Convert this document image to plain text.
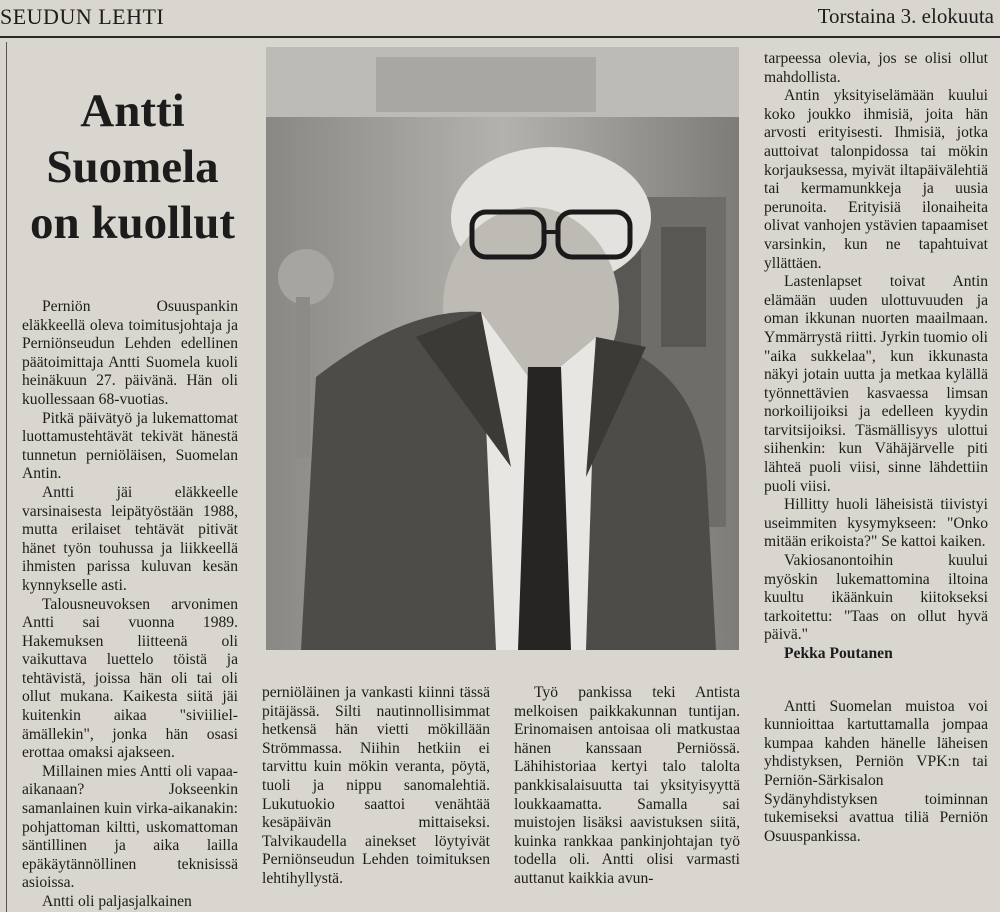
SEUDUN LEHTI	Torstaina 3. elokuuta
Antti Suomela on kuollut

Perniön Osuuspankin eläkkeellä oleva toimitusjohtaja ja Perniönseudun Lehden edellinen päätoimittaja Antti Suomela kuoli heinäkuun 27. päivänä. Hän oli kuollessaan 68-vuotias.

Pitkä päivätyö ja lukemattomat luottamustehtävät tekivät hänestä tunnetun perniöläisen, Suomelan Antin.

Antti jäi eläkkeelle varsinaisesta leipätyöstään 1988, mutta erilaiset tehtävät pitivät hänet työn touhussa ja liikkeellä ihmisten parissa kuluvan kesän kynnykselle asti.

Talousneuvoksen arvonimen Antti sai vuonna 1989. Hakemuksen liitteenä oli vaikuttava luettelo töistä ja tehtävistä, joissa hän oli tai oli ollut mukana. Kaikesta siitä jäi kuitenkin aikaa "siviiliel-ämällekin", jonka hän osasi erottaa omaksi ajakseen.

Millainen mies Antti oli vapaa-aikanaan? Jokseenkin samanlainen kuin virka-aikanakin: pohjattoman kiltti, uskomattoman säntillinen ja aika lailla epäkäytännöllinen teknisissä asioissa.

Antti oli paljasjalkainen

perniöläinen ja vankasti kiinni tässä pitäjässä. Silti nautinnollisimmat hetkensä hän vietti mökillään Strömmassa. Niihin hetkiin ei tarvittu kuin mökin veranta, pöytä, tuoli ja nippu sanomalehtiä. Lukutuokio saattoi venähtää kesäpäivän mittaiseksi. Talvikaudella ainekset löytyivät Perniönseudun Lehden toimituksen lehtihyllystä.

Työ pankissa teki Antista melkoisen paikkakunnan tuntijan. Erinomaisen antoisaa oli matkustaa hänen kanssaan Perniössä. Lähihistoriaa kertyi talo talolta pankkisalaisuutta tai yksityisyyttä loukkaamatta. Samalla sai muistojen lisäksi aavistuksen siitä, kuinka rankkaa pankinjohtajan työ todella oli. Antti olisi varmasti auttanut kaikkia avun-

tarpeessa olevia, jos se olisi ollut mahdollista.

Antin yksityiselämään kuului koko joukko ihmisiä, joita hän arvosti erityisesti. Ihmisiä, jotka auttoivat talonpidossa tai mökin korjauksessa, myivät iltapäivälehtiä tai kermamunkkeja ja uusia perunoita. Erityisiä ilonaiheita olivat vanhojen ystävien tapaamiset varsinkin, kun ne tapahtuivat yllättäen.

Lastenlapset toivat Antin elämään uuden ulottuvuuden ja oman ikkunan nuorten maailmaan. Ymmärrystä riitti. Jyrkin tuomio oli "aika sukkelaa", kun ikkunasta näkyi jotain uutta ja metkaa kylällä työnnettävien kasvaessa limsan norkoilijoiksi ja edelleen kyydin tarvitsijoiksi. Täsmällisyys ulottui siihenkin: kun Vähäjärvelle piti lähteä puoli viisi, sinne lähdettiin puoli viisi.

Hillitty huoli läheisistä tiivistyi useimmiten kysymykseen: "Onko mitään erikoista?" Se kattoi kaiken.

Vakiosanontoihin kuului myöskin lukemattomina iltoina kuultu ikäänkuin kiitokseksi tarkoitettu: "Taas on ollut hyvä päivä."

Pekka Poutanen

Antti Suomelan muistoa voi kunnioittaa kartuttamalla jompaa kumpaa kahden hänelle läheisen yhdistyksen, Perniön VPK:n tai Perniön-Särkisalon Sydänyhdistyksen toiminnan tukemiseksi avattua tiliä Perniön Osuuspankissa.
